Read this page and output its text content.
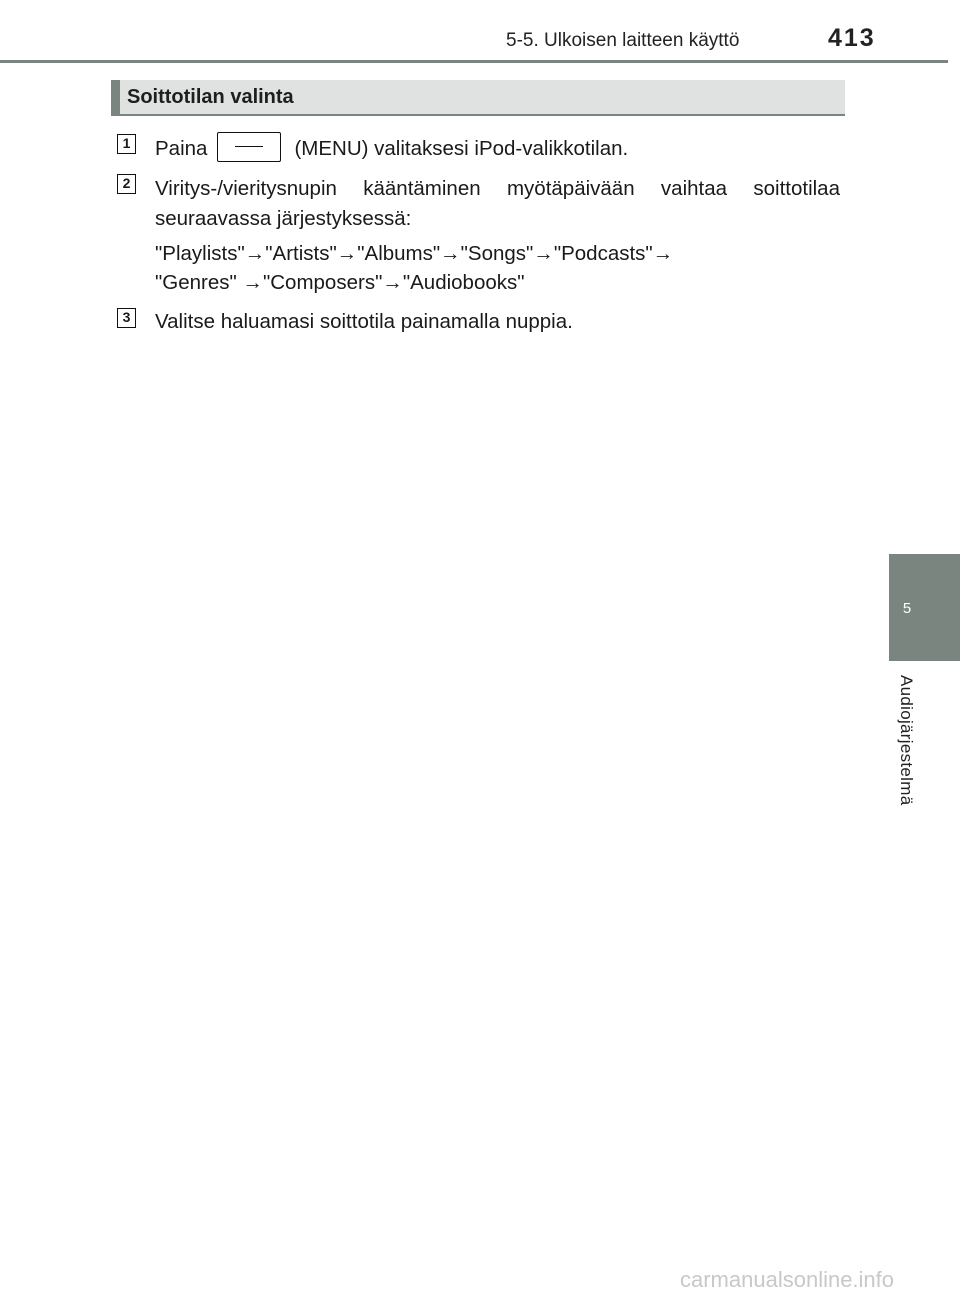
5-5. Ulkoisen laitteen käyttö	413
Soittotilan valinta
1 Paina	(MENU) valitaksesi iPod-valikkotilan.
2 Viritys-/vieritysnupin kääntäminen myötäpäivään vaihtaa soittotilaa
seuraavassa järjestyksessä:
"Playlists"→"Artists"→"Albums"→"Songs"→"Podcasts"→
"Genres" →"Composers"→"Audiobooks"
3 Valitse haluamasi soittotila painamalla nuppia.
5
Audiojärjestelmä
carmanualsonline.info
